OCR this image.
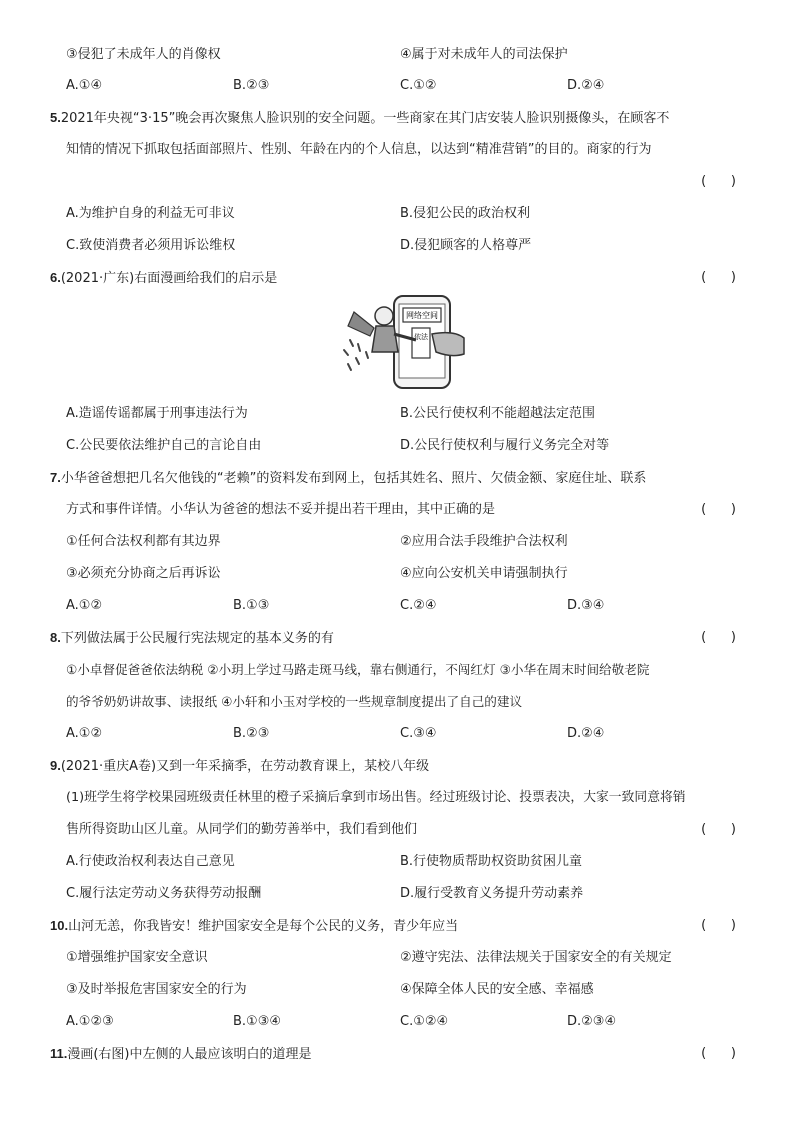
③侵犯了未成年人的肖像权	④属于对未成年人的司法保护
A.①④	B.②③	C.①②	D.②④
5.2021年央视“3·15”晚会再次聚焦人脸识别的安全问题。一些商家在其门店安装人脸识别摄像头，在顾客不
知情的情况下抓取包括面部照片、性别、年龄在内的个人信息，以达到“精准营销”的目的。商家的行为
(      )
A.为维护自身的利益无可非议	B.侵犯公民的政治权利
C.致使消费者必须用诉讼维权	D.侵犯顾客的人格尊严
6.(2021·广东)右面漫画给我们的启示是	(      )
网络空间
依法
A.造谣传谣都属于刑事违法行为	B.公民行使权利不能超越法定范围
C.公民要依法维护自己的言论自由	D.公民行使权利与履行义务完全对等
7.小华爸爸想把几名欠他钱的“老赖”的资料发布到网上，包括其姓名、照片、欠债金额、家庭住址、联系
方式和事件详情。小华认为爸爸的想法不妥并提出若干理由，其中正确的是	(      )
①任何合法权利都有其边界	②应用合法手段维护合法权利
③必须充分协商之后再诉讼	④应向公安机关申请强制执行
A.①②	B.①③	C.②④	D.③④
8.下列做法属于公民履行宪法规定的基本义务的有	(      )
①小卓督促爸爸依法纳税 ②小玥上学过马路走斑马线，靠右侧通行，不闯红灯 ③小华在周末时间给敬老院
的爷爷奶奶讲故事、读报纸 ④小轩和小玉对学校的一些规章制度提出了自己的建议
A.①②	B.②③	C.③④	D.②④
9.(2021·重庆A卷)又到一年采摘季，在劳动教育课上，某校八年级
(1)班学生将学校果园班级责任林里的橙子采摘后拿到市场出售。经过班级讨论、投票表决，大家一致同意将销
售所得资助山区儿童。从同学们的勤劳善举中，我们看到他们	(      )
A.行使政治权利表达自己意见	B.行使物质帮助权资助贫困儿童
C.履行法定劳动义务获得劳动报酬	D.履行受教育义务提升劳动素养
10.山河无恙，你我皆安！维护国家安全是每个公民的义务，青少年应当	(      )
①增强维护国家安全意识	②遵守宪法、法律法规关于国家安全的有关规定
③及时举报危害国家安全的行为	④保障全体人民的安全感、幸福感
A.①②③	B.①③④	C.①②④	D.②③④
11.漫画(右图)中左侧的人最应该明白的道理是	(      )
